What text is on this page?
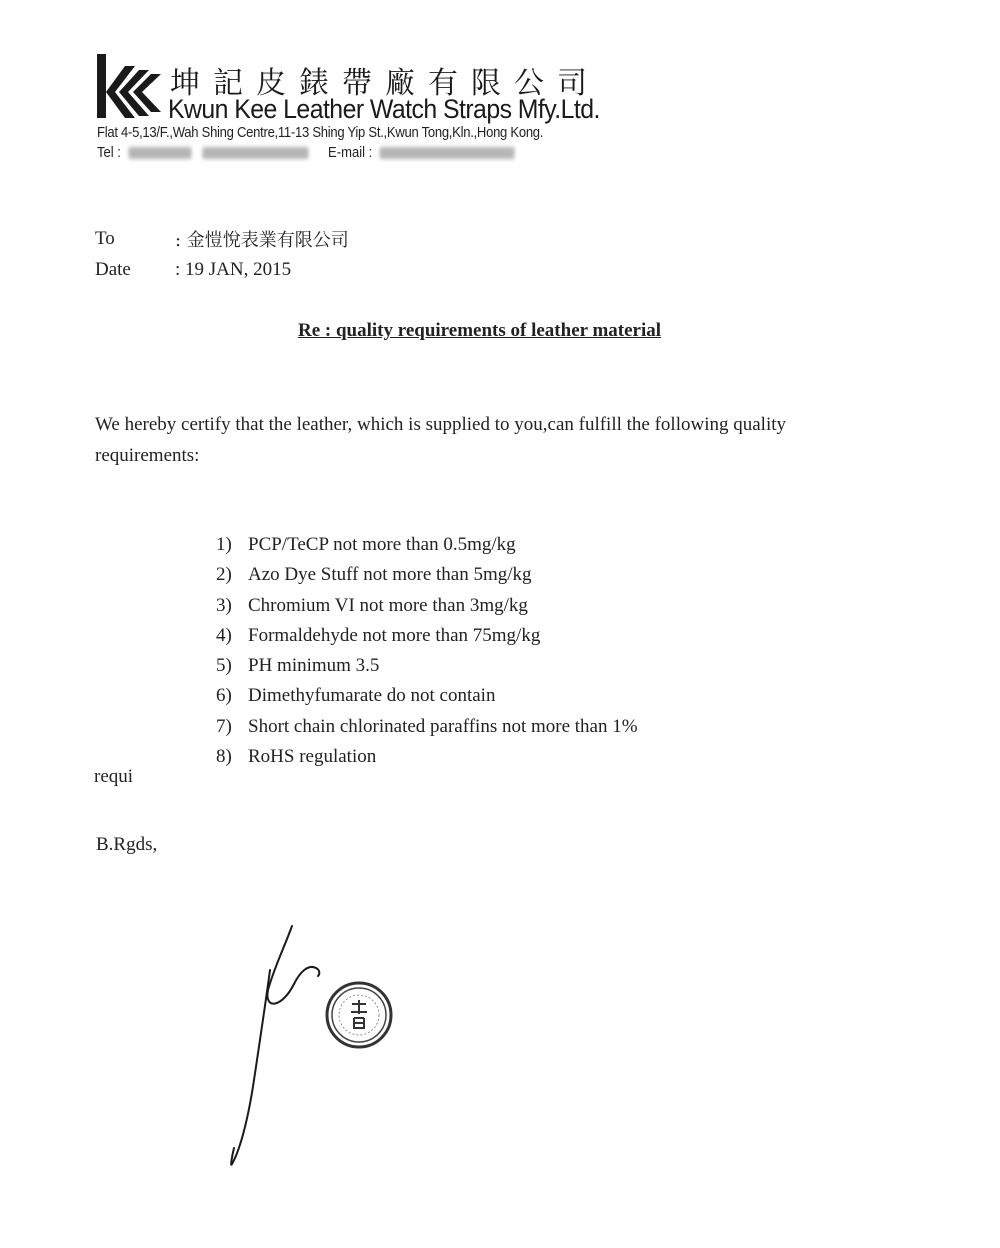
坤記皮錶帶廠有限公司
Kwun Kee Leather Watch Straps Mfy.Ltd.
Flat 4-5,13/F.,Wah Shing Centre,11-13 Shing Yip St.,Kwun Tong,Kln.,Hong Kong.
Tel :	E-mail :
To	: 金愷悅表業有限公司
Date : 19 JAN, 2015
Re : quality requirements of leather material
We hereby certify that the leather, which is supplied to you,can fulfill the following quality requirements:
1) PCP/TeCP not more than 0.5mg/kg
2) Azo Dye Stuff not more than 5mg/kg
3) Chromium VI not more than 3mg/kg
4) Formaldehyde not more than 75mg/kg
5) PH minimum 3.5
6) Dimethyfumarate do not contain
7) Short chain chlorinated paraffins not more than 1%
8) RoHS regulation
requi
B.Rgds,
